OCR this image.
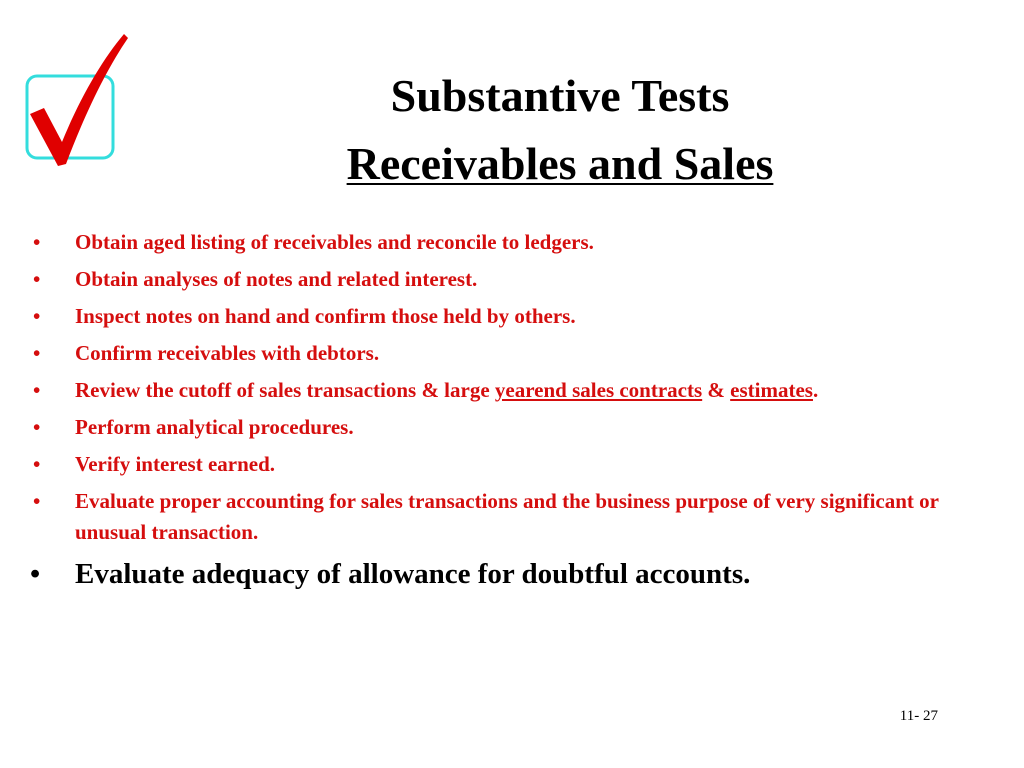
Substantive Tests
Receivables and Sales
• Obtain aged listing of receivables and reconcile to ledgers.
• Obtain analyses of notes and related interest.
• Inspect notes on hand and confirm those held by others.
• Confirm receivables with debtors.
• Review the cutoff of sales transactions & large yearend sales contracts & estimates.
• Perform analytical procedures.
• Verify interest earned.
• Evaluate proper accounting for sales transactions and the business purpose of very significant or unusual transaction.
• Evaluate adequacy of allowance for doubtful accounts.
11- 27
